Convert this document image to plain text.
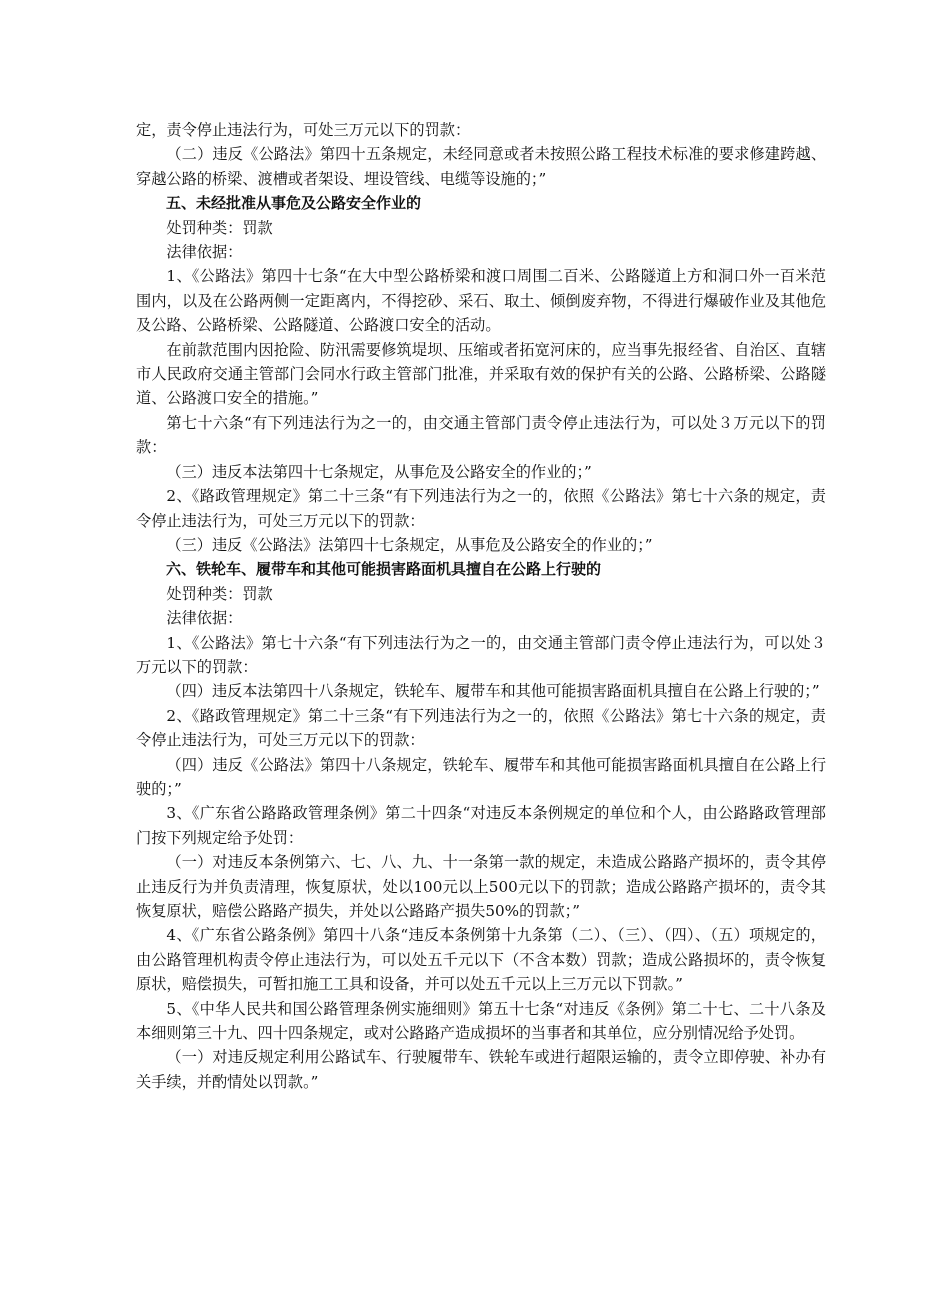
定，责令停止违法行为，可处三万元以下的罚款：

（二）违反《公路法》第四十五条规定，未经同意或者未按照公路工程技术标准的要求修建跨越、穿越公路的桥梁、渡槽或者架设、埋设管线、电缆等设施的；”

五、未经批准从事危及公路安全作业的

处罚种类：罚款

法律依据：

1、《公路法》第四十七条“在大中型公路桥梁和渡口周围二百米、公路隧道上方和洞口外一百米范围内，以及在公路两侧一定距离内，不得挖砂、采石、取土、倾倒废弃物，不得进行爆破作业及其他危及公路、公路桥梁、公路隧道、公路渡口安全的活动。

在前款范围内因抢险、防汛需要修筑堤坝、压缩或者拓宽河床的，应当事先报经省、自治区、直辖市人民政府交通主管部门会同水行政主管部门批准，并采取有效的保护有关的公路、公路桥梁、公路隧道、公路渡口安全的措施。”

第七十六条“有下列违法行为之一的，由交通主管部门责令停止违法行为，可以处３万元以下的罚款：

（三）违反本法第四十七条规定，从事危及公路安全的作业的；”

2、《路政管理规定》第二十三条“有下列违法行为之一的，依照《公路法》第七十六条的规定，责令停止违法行为，可处三万元以下的罚款：

（三）违反《公路法》法第四十七条规定，从事危及公路安全的作业的；”

六、铁轮车、履带车和其他可能损害路面机具擅自在公路上行驶的

处罚种类：罚款

法律依据：

1、《公路法》第七十六条“有下列违法行为之一的，由交通主管部门责令停止违法行为，可以处３万元以下的罚款：

（四）违反本法第四十八条规定，铁轮车、履带车和其他可能损害路面机具擅自在公路上行驶的；”

2、《路政管理规定》第二十三条“有下列违法行为之一的，依照《公路法》第七十六条的规定，责令停止违法行为，可处三万元以下的罚款：

（四）违反《公路法》第四十八条规定，铁轮车、履带车和其他可能损害路面机具擅自在公路上行驶的；”

3、《广东省公路路政管理条例》第二十四条“对违反本条例规定的单位和个人，由公路路政管理部门按下列规定给予处罚：

（一）对违反本条例第六、七、八、九、十一条第一款的规定，未造成公路路产损坏的，责令其停止违反行为并负责清理，恢复原状，处以100元以上500元以下的罚款；造成公路路产损坏的，责令其恢复原状，赔偿公路路产损失，并处以公路路产损失50%的罚款；”

4、《广东省公路条例》第四十八条“违反本条例第十九条第（二）、（三）、（四）、（五）项规定的，由公路管理机构责令停止违法行为，可以处五千元以下（不含本数）罚款；造成公路损坏的，责令恢复原状，赔偿损失，可暂扣施工工具和设备，并可以处五千元以上三万元以下罚款。”

5、《中华人民共和国公路管理条例实施细则》第五十七条“对违反《条例》第二十七、二十八条及本细则第三十九、四十四条规定，或对公路路产造成损坏的当事者和其单位，应分别情况给予处罚。

（一）对违反规定利用公路试车、行驶履带车、铁轮车或进行超限运输的，责令立即停驶、补办有关手续，并酌情处以罚款。”
